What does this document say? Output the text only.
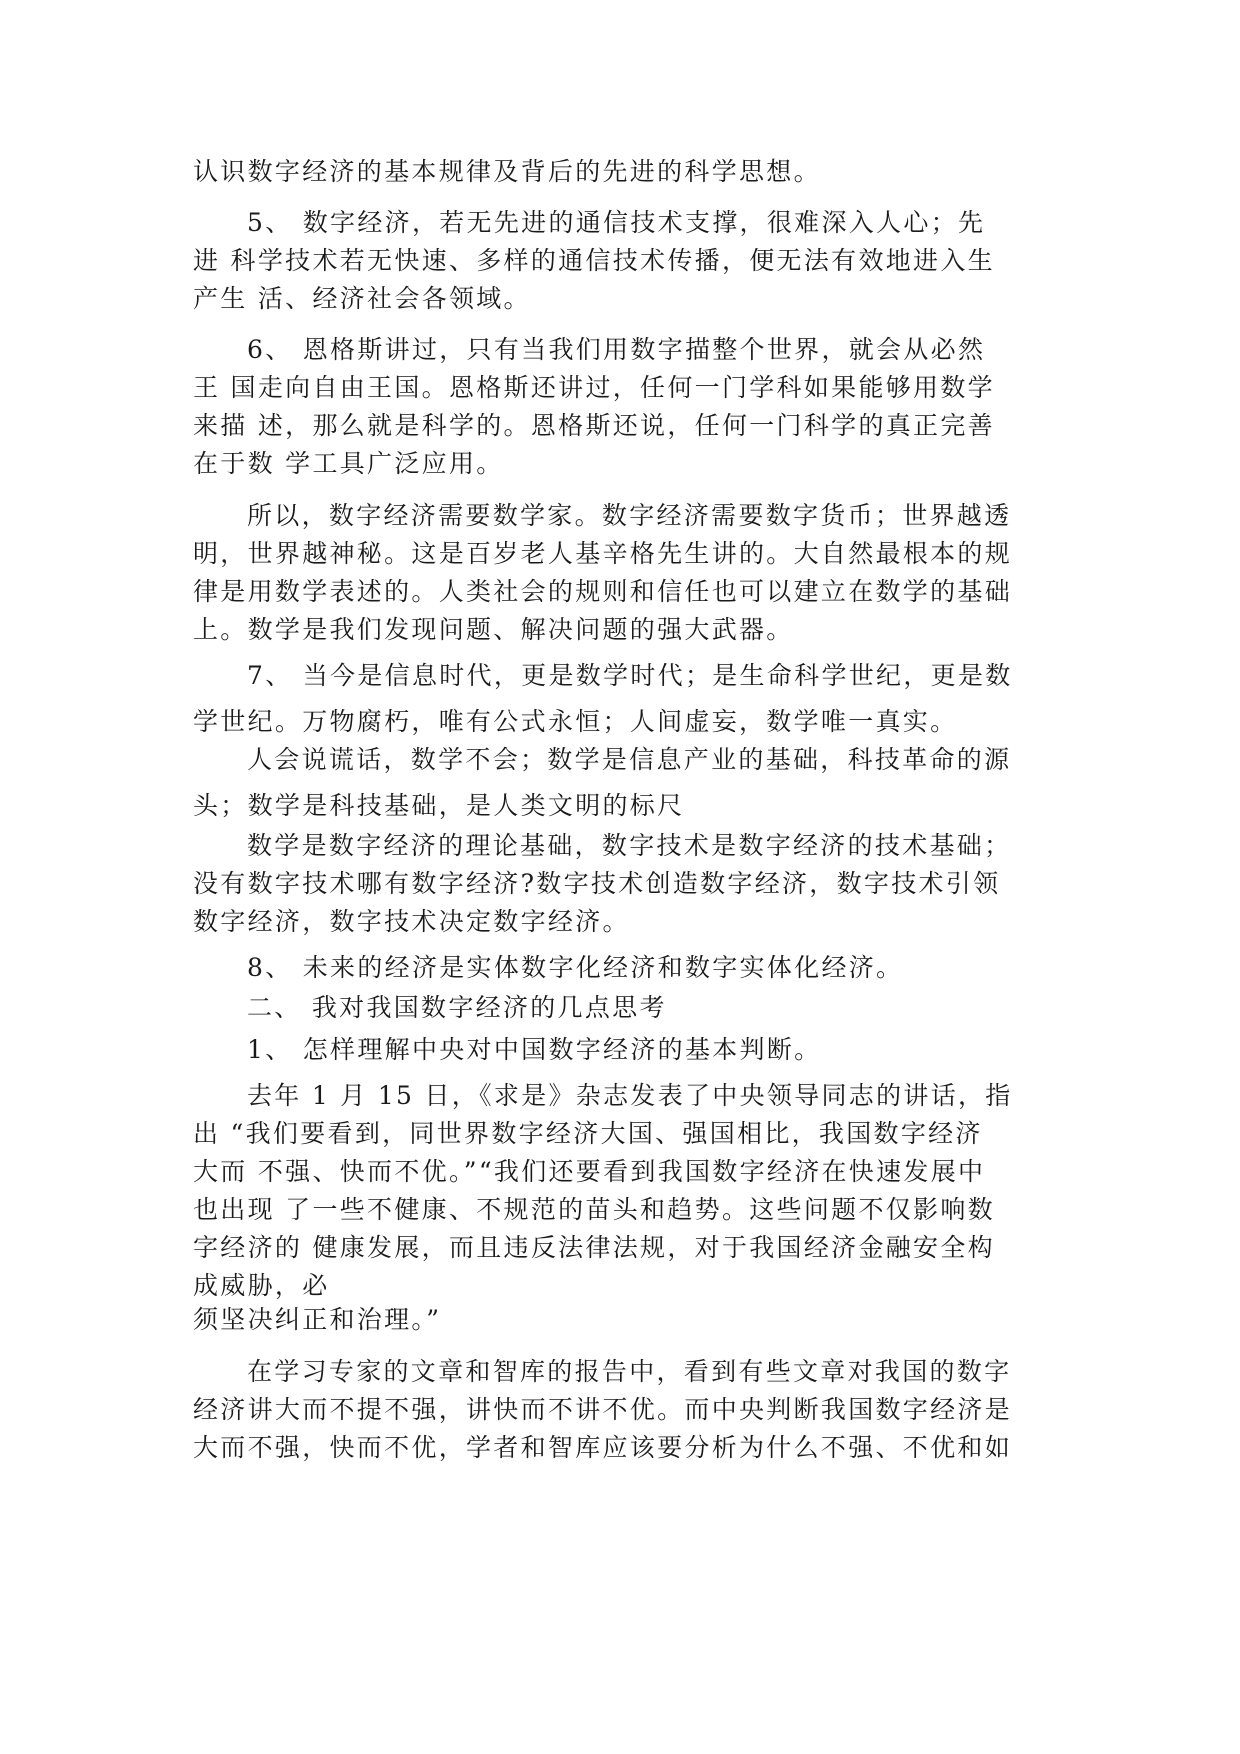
认识数字经济的基本规律及背后的先进的科学思想。

5、 数字经济，若无先进的通信技术支撑，很难深入人心；先

进 科学技术若无快速、多样的通信技术传播，便无法有效地进入生

产生 活、经济社会各领域。

6、 恩格斯讲过，只有当我们用数字描整个世界，就会从必然

王 国走向自由王国。恩格斯还讲过，任何一门学科如果能够用数学

来描 述，那么就是科学的。恩格斯还说，任何一门科学的真正完善

在于数 学工具广泛应用。

所以，数字经济需要数学家。数字经济需要数字货币；世界越透

明，世界越神秘。这是百岁老人基辛格先生讲的。大自然最根本的规

律是用数学表述的。人类社会的规则和信任也可以建立在数学的基础

上。数学是我们发现问题、解决问题的强大武器。

7、 当今是信息时代，更是数学时代；是生命科学世纪，更是数

学世纪。万物腐朽，唯有公式永恒；人间虚妄，数学唯一真实。

人会说谎话，数学不会；数学是信息产业的基础，科技革命的源

头；数学是科技基础，是人类文明的标尺

数学是数字经济的理论基础，数字技术是数字经济的技术基础；

没有数字技术哪有数字经济?数字技术创造数字经济，数字技术引领

数字经济，数字技术决定数字经济。

8、 未来的经济是实体数字化经济和数字实体化经济。

二、 我对我国数字经济的几点思考

1、 怎样理解中央对中国数字经济的基本判断。

去年 1 月 15 日，《求是》杂志发表了中央领导同志的讲话，指

出 “我们要看到，同世界数字经济大国、强国相比，我国数字经济

大而 不强、快而不优。”“我们还要看到我国数字经济在快速发展中

也出现 了一些不健康、不规范的苗头和趋势。这些问题不仅影响数

字经济的 健康发展，而且违反法律法规，对于我国经济金融安全构

成威胁，必

须坚决纠正和治理。”

在学习专家的文章和智库的报告中，看到有些文章对我国的数字

经济讲大而不提不强，讲快而不讲不优。而中央判断我国数字经济是

大而不强，快而不优，学者和智库应该要分析为什么不强、不优和如
